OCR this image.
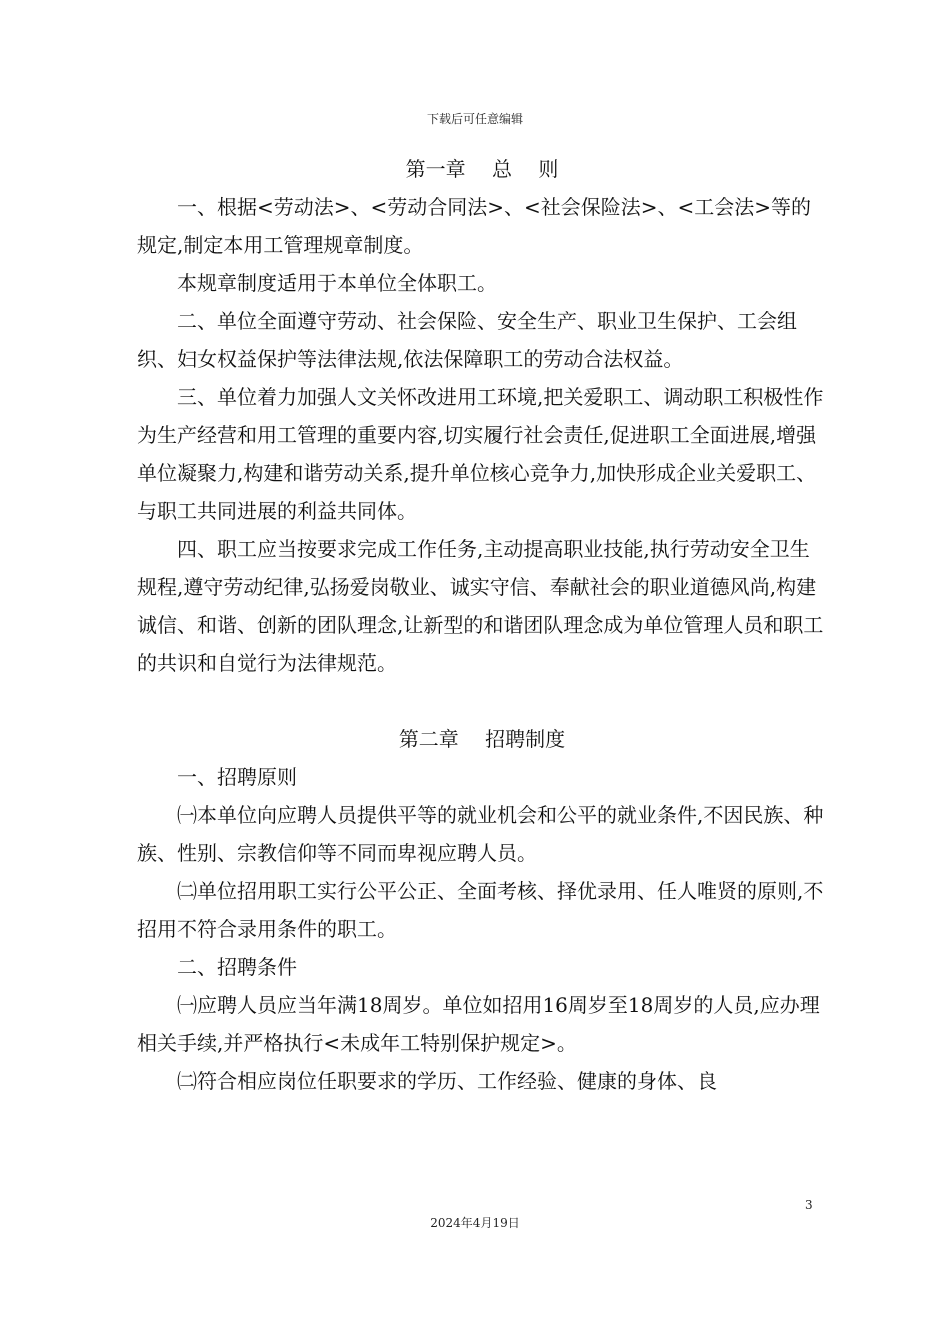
下载后可任意编辑

第一章　 总　 则

一、根据<劳动法>、<劳动合同法>、<社会保险法>、<工会法>等的规定,制定本用工管理规章制度。

本规章制度适用于本单位全体职工。

二、单位全面遵守劳动、社会保险、安全生产、职业卫生保护、工会组织、妇女权益保护等法律法规,依法保障职工的劳动合法权益。

三、单位着力加强人文关怀改进用工环境,把关爱职工、调动职工积极性作为生产经营和用工管理的重要内容,切实履行社会责任,促进职工全面进展,增强单位凝聚力,构建和谐劳动关系,提升单位核心竞争力,加快形成企业关爱职工、与职工共同进展的利益共同体。

四、职工应当按要求完成工作任务,主动提高职业技能,执行劳动安全卫生规程,遵守劳动纪律,弘扬爱岗敬业、诚实守信、奉献社会的职业道德风尚,构建诚信、和谐、创新的团队理念,让新型的和谐团队理念成为单位管理人员和职工的共识和自觉行为法律规范。

第二章　 招聘制度

一、招聘原则

㈠本单位向应聘人员提供平等的就业机会和公平的就业条件,不因民族、种族、性别、宗教信仰等不同而卑视应聘人员。

㈡单位招用职工实行公平公正、全面考核、择优录用、任人唯贤的原则,不招用不符合录用条件的职工。

二、招聘条件

㈠应聘人员应当年满18周岁。单位如招用16周岁至18周岁的人员,应办理相关手续,并严格执行<未成年工特别保护规定>。

㈡符合相应岗位任职要求的学历、工作经验、健康的身体、良

3
2024年4月19日
